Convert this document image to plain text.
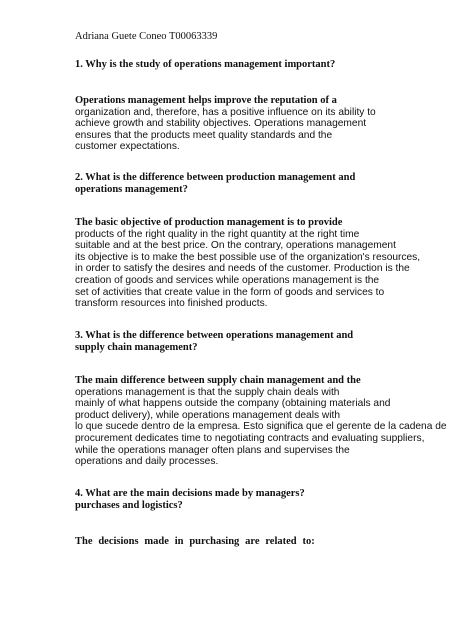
Adriana Guete Coneo T00063339
1. Why is the study of operations management important?
Operations management helps improve the reputation of a
organization and, therefore, has a positive influence on its ability to
achieve growth and stability objectives. Operations management
ensures that the products meet quality standards and the
customer expectations.
2. What is the difference between production management and
operations management?
The basic objective of production management is to provide
products of the right quality in the right quantity at the right time
suitable and at the best price. On the contrary, operations management
its objective is to make the best possible use of the organization's resources,
in order to satisfy the desires and needs of the customer. Production is the
creation of goods and services while operations management is the
set of activities that create value in the form of goods and services to
transform resources into finished products.
3. What is the difference between operations management and
supply chain management?
The main difference between supply chain management and the
operations management is that the supply chain deals with
mainly of what happens outside the company (obtaining materials and
product delivery), while operations management deals with
lo que sucede dentro de la empresa. Esto significa que el gerente de la cadena de
procurement dedicates time to negotiating contracts and evaluating suppliers,
while the operations manager often plans and supervises the
operations and daily processes.
4. What are the main decisions made by managers?
purchases and logistics?
The decisions made in purchasing are related to:
